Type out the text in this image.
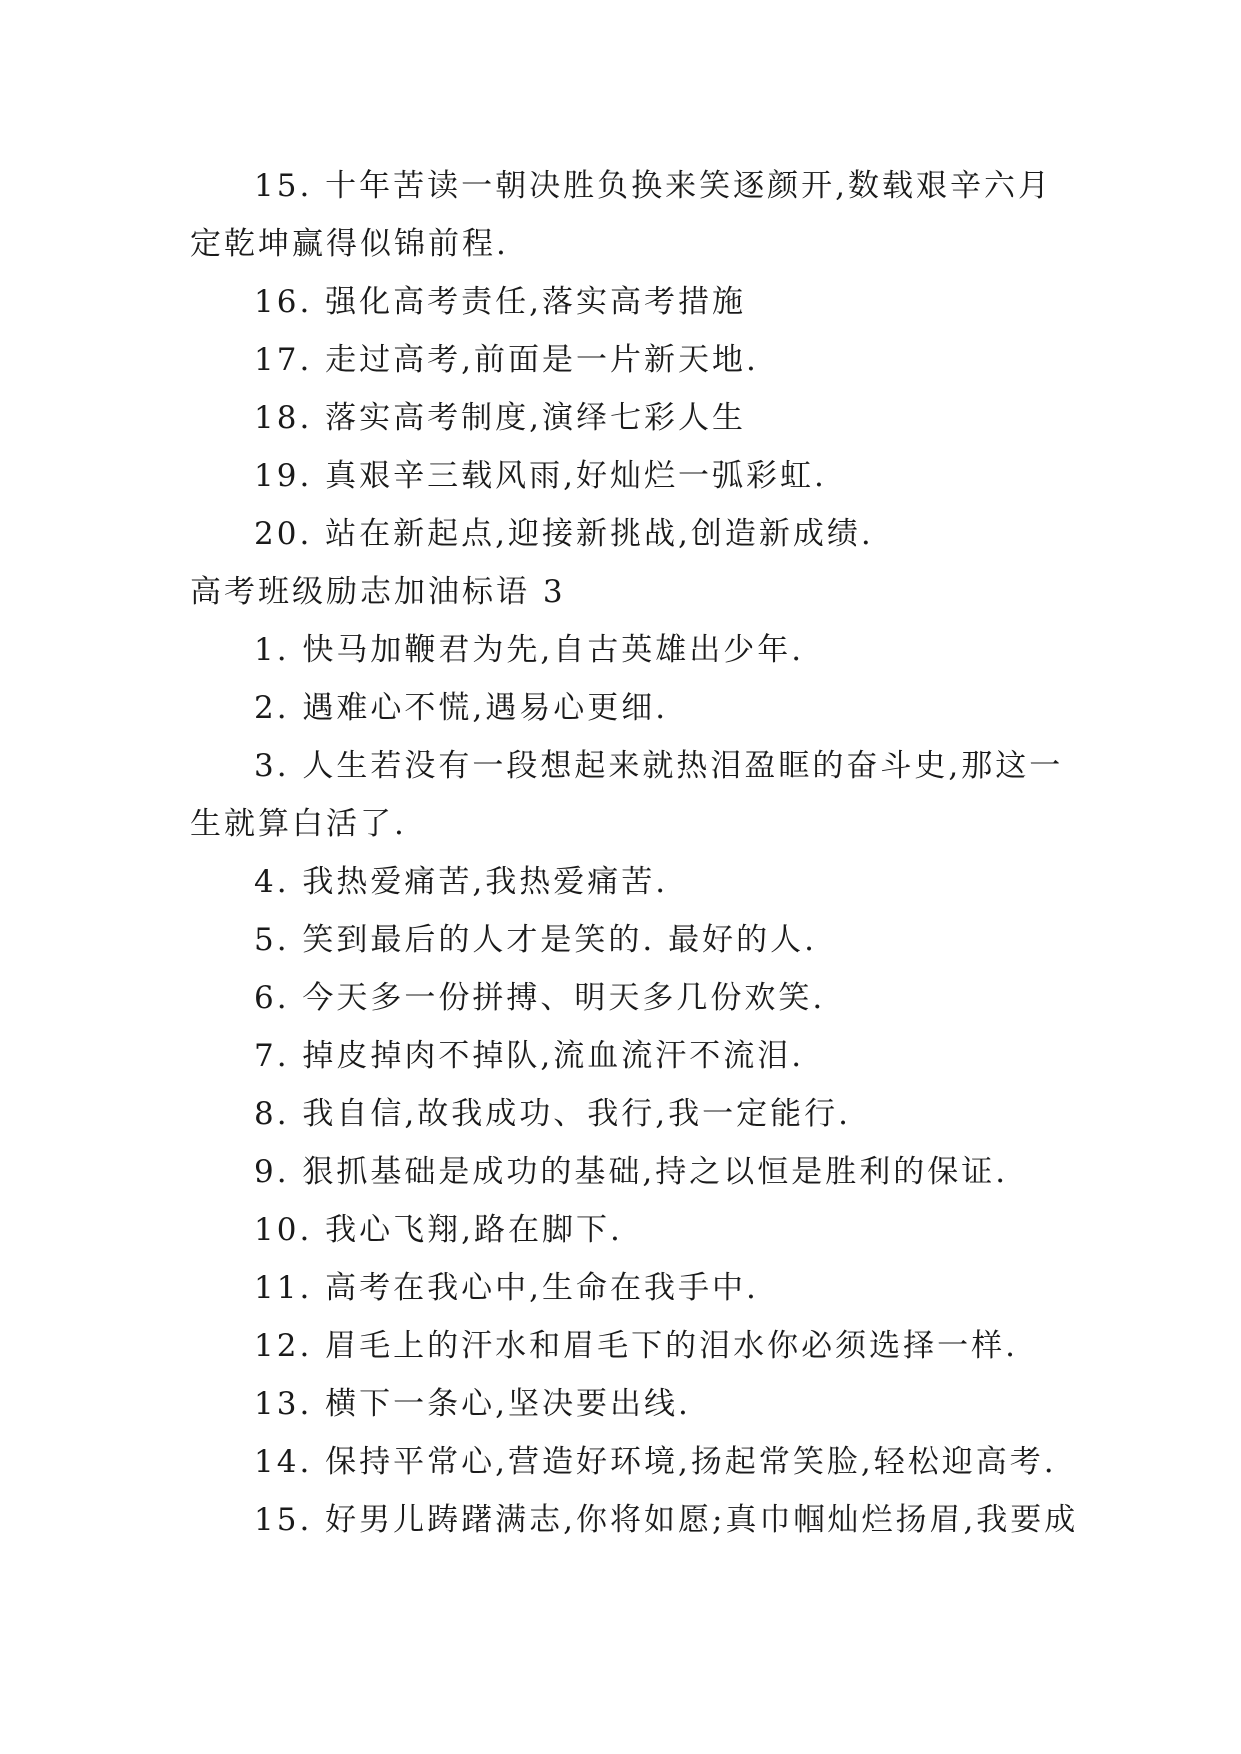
15. 十年苦读一朝决胜负换来笑逐颜开,数载艰辛六月
定乾坤赢得似锦前程.
16. 强化高考责任,落实高考措施
17. 走过高考,前面是一片新天地.
18. 落实高考制度,演绎七彩人生
19. 真艰辛三载风雨,好灿烂一弧彩虹.
20. 站在新起点,迎接新挑战,创造新成绩.
高考班级励志加油标语 3
1. 快马加鞭君为先,自古英雄出少年.
2. 遇难心不慌,遇易心更细.
3. 人生若没有一段想起来就热泪盈眶的奋斗史,那这一
生就算白活了.
4. 我热爱痛苦,我热爱痛苦.
5. 笑到最后的人才是笑的. 最好的人.
6. 今天多一份拼搏、明天多几份欢笑.
7. 掉皮掉肉不掉队,流血流汗不流泪.
8. 我自信,故我成功、我行,我一定能行.
9. 狠抓基础是成功的基础,持之以恒是胜利的保证.
10. 我心飞翔,路在脚下.
11. 高考在我心中,生命在我手中.
12. 眉毛上的汗水和眉毛下的泪水你必须选择一样.
13. 横下一条心,坚决要出线.
14. 保持平常心,营造好环境,扬起常笑脸,轻松迎高考.
15. 好男儿踌躇满志,你将如愿;真巾帼灿烂扬眉,我要成
